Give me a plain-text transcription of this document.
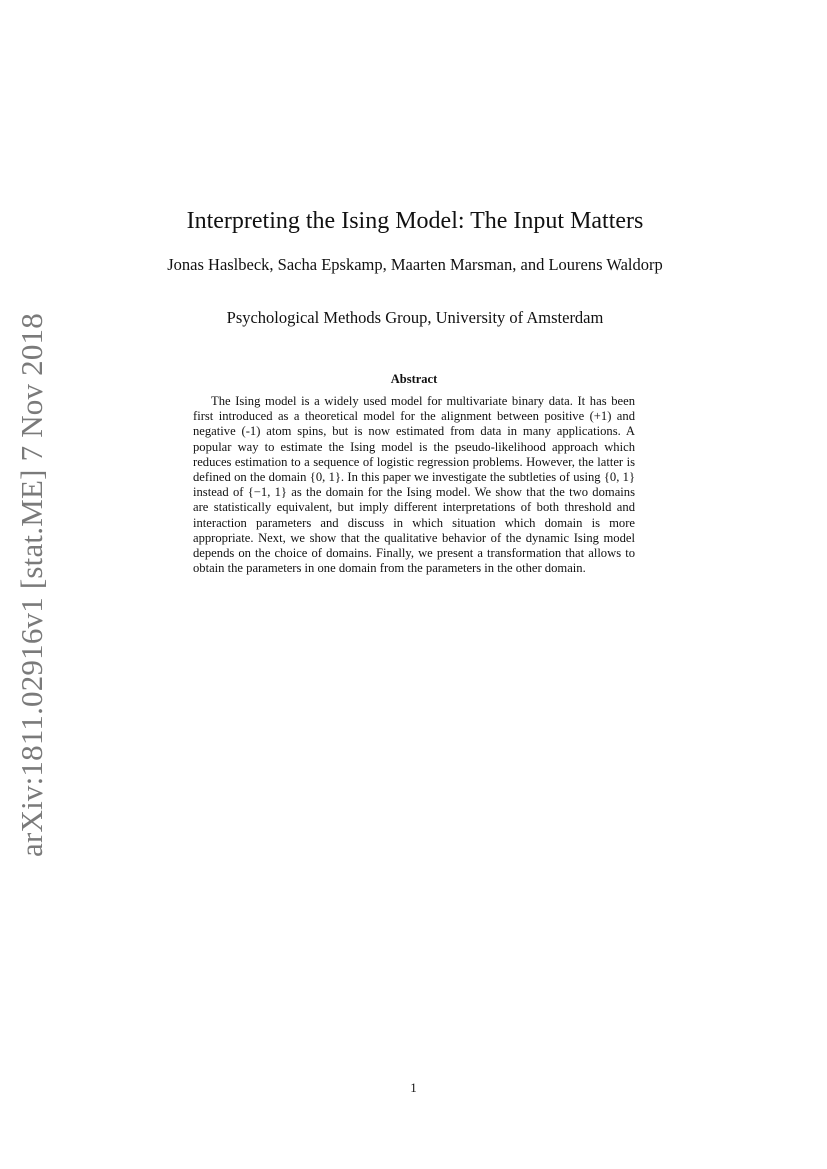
arXiv:1811.02916v1 [stat.ME] 7 Nov 2018
Interpreting the Ising Model: The Input Matters

Jonas Haslbeck, Sacha Epskamp, Maarten Marsman, and Lourens Waldorp

Psychological Methods Group, University of Amsterdam

Abstract

The Ising model is a widely used model for multivariate binary data. It has been first introduced as a theoretical model for the alignment between positive (+1) and negative (-1) atom spins, but is now estimated from data in many applications. A popular way to estimate the Ising model is the pseudo-likelihood approach which reduces estimation to a sequence of logistic regression problems. However, the latter is defined on the domain {0, 1}. In this paper we investigate the subtleties of using {0, 1} instead of {−1, 1} as the domain for the Ising model. We show that the two domains are statistically equivalent, but imply different interpretations of both threshold and interaction parameters and discuss in which situation which domain is more appropriate. Next, we show that the qualitative behavior of the dynamic Ising model depends on the choice of domains. Finally, we present a transformation that allows to obtain the parameters in one domain from the parameters in the other domain.

1
